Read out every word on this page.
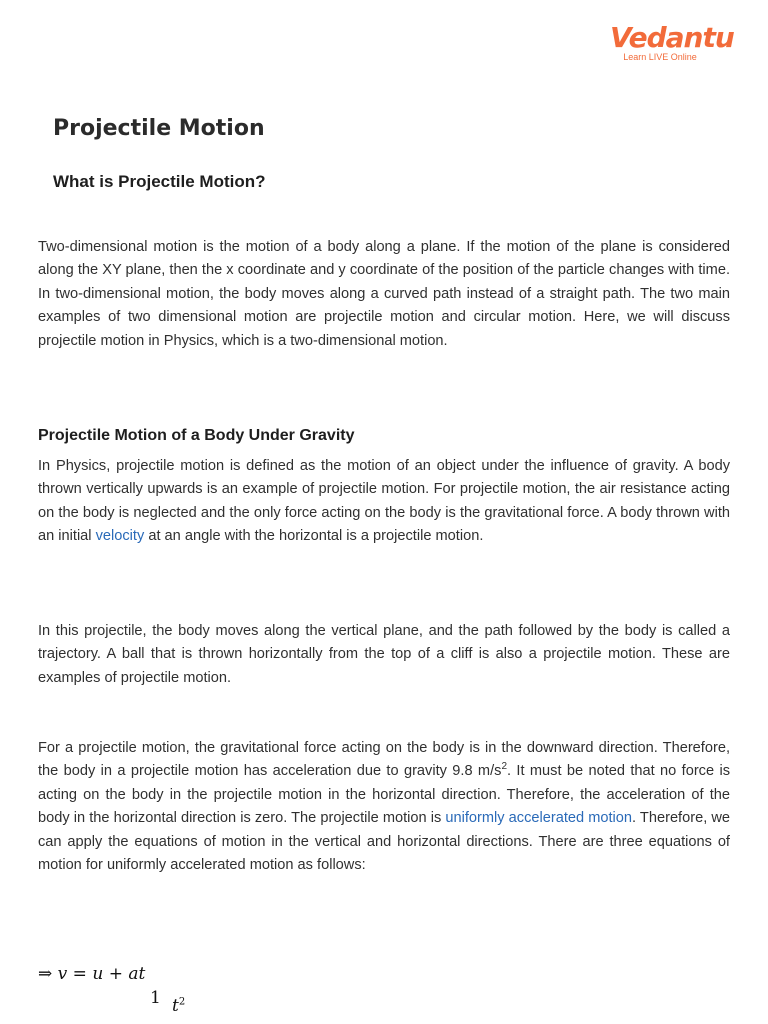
Vedantu
Learn LIVE Online
Projectile Motion
What is Projectile Motion?
Two-dimensional motion is the motion of a body along a plane. If the motion of the plane is considered along the XY plane, then the x coordinate and y coordinate of the position of the particle changes with time. In two-dimensional motion, the body moves along a curved path instead of a straight path. The two main examples of two dimensional motion are projectile motion and circular motion. Here, we will discuss projectile motion in Physics, which is a two-dimensional motion.
Projectile Motion of a Body Under Gravity
In Physics, projectile motion is defined as the motion of an object under the influence of gravity. A body thrown vertically upwards is an example of projectile motion. For projectile motion, the air resistance acting on the body is neglected and the only force acting on the body is the gravitational force. A body thrown with an initial velocity at an angle with the horizontal is a projectile motion.
In this projectile, the body moves along the vertical plane, and the path followed by the body is called a trajectory. A ball that is thrown horizontally from the top of a cliff is also a projectile motion. These are examples of projectile motion.
For a projectile motion, the gravitational force acting on the body is in the downward direction. Therefore, the body in a projectile motion has acceleration due to gravity 9.8 $m/s^2$. It must be noted that no force is acting on the body in the projectile motion in the horizontal direction. Therefore, the acceleration of the body in the horizontal direction is zero. The projectile motion is uniformly accelerated motion. Therefore, we can apply the equations of motion in the vertical and horizontal directions. There are three equations of motion for uniformly accelerated motion as follows:
⇒ v = u + at
1 $t^2$
